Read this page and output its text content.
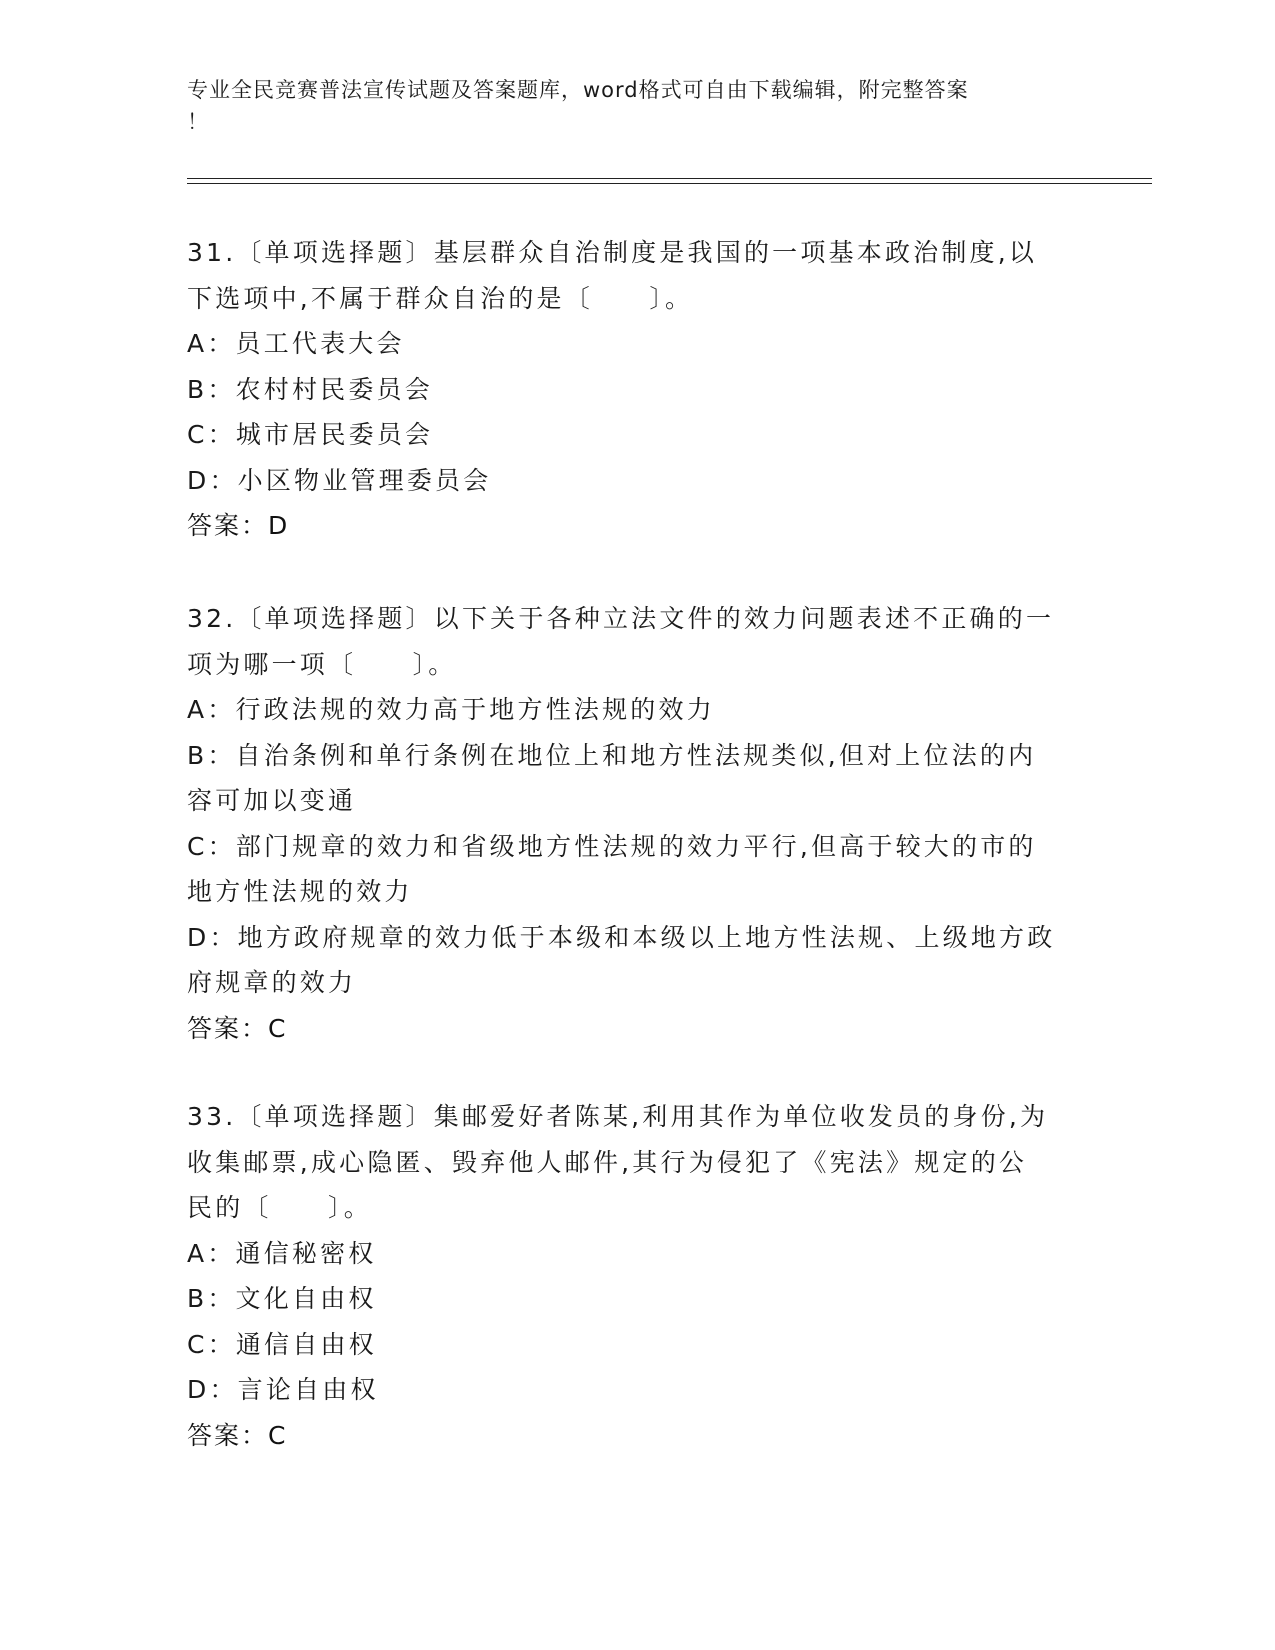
专业全民竞赛普法宣传试题及答案题库，word格式可自由下载编辑，附完整答案
！
31.〔单项选择题〕基层群众自治制度是我国的一项基本政治制度,以
下选项中,不属于群众自治的是〔　　〕。
A：员工代表大会
B：农村村民委员会
C：城市居民委员会
D：小区物业管理委员会
答案：D
32.〔单项选择题〕以下关于各种立法文件的效力问题表述不正确的一
项为哪一项〔　　〕。
A：行政法规的效力高于地方性法规的效力
B：自治条例和单行条例在地位上和地方性法规类似,但对上位法的内
容可加以变通
C：部门规章的效力和省级地方性法规的效力平行,但高于较大的市的
地方性法规的效力
D：地方政府规章的效力低于本级和本级以上地方性法规、上级地方政
府规章的效力
答案：C
33.〔单项选择题〕集邮爱好者陈某,利用其作为单位收发员的身份,为
收集邮票,成心隐匿、毁弃他人邮件,其行为侵犯了《宪法》规定的公
民的〔　　〕。
A：通信秘密权
B：文化自由权
C：通信自由权
D：言论自由权
答案：C
